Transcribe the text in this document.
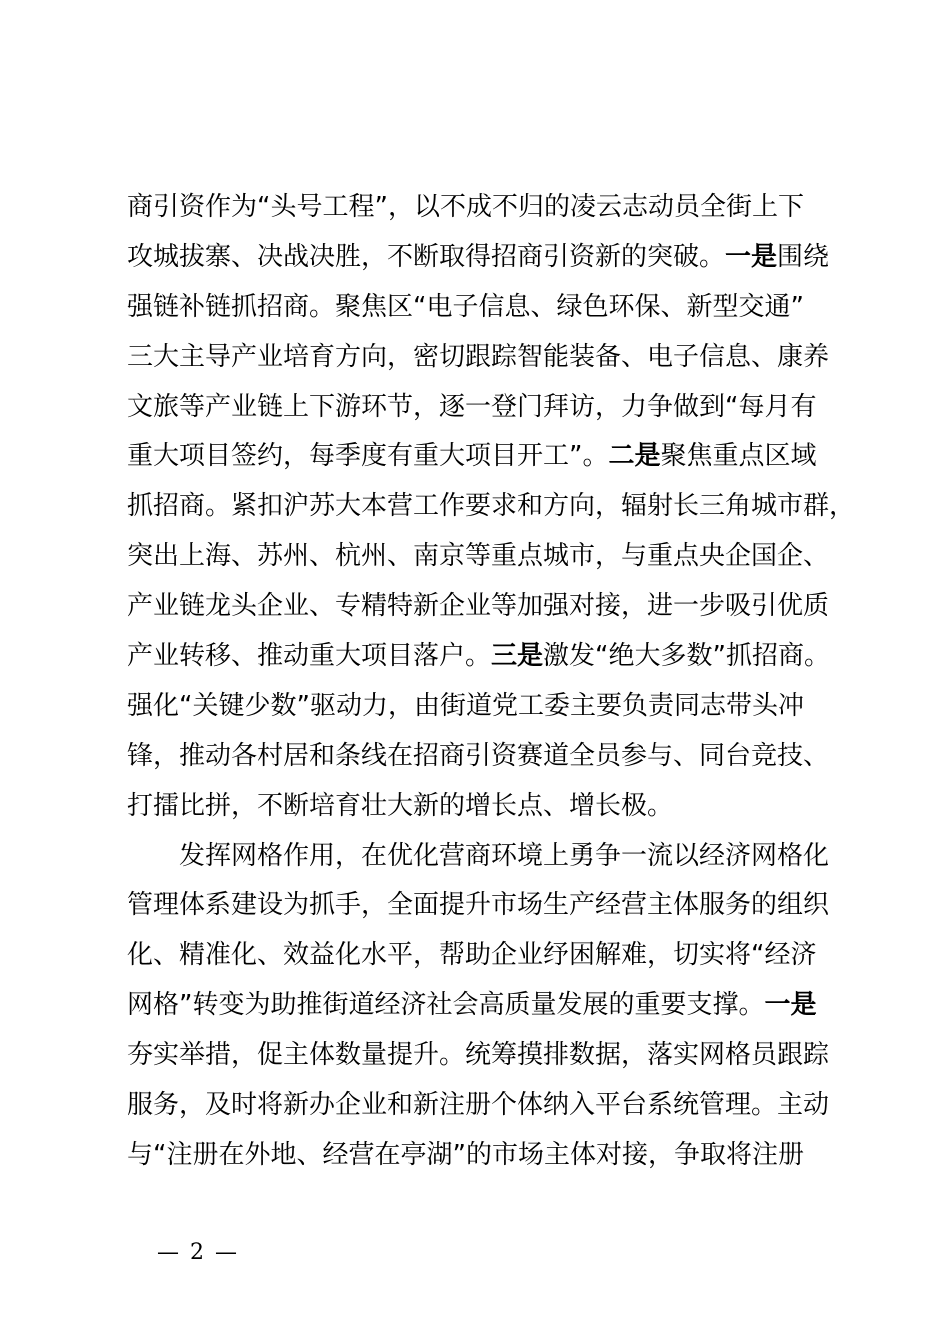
商引资作为“头号工程”，以不成不归的凌云志动员全街上下
攻城拔寨、决战决胜，不断取得招商引资新的突破。一是围绕
强链补链抓招商。聚焦区“电子信息、绿色环保、新型交通”
三大主导产业培育方向，密切跟踪智能装备、电子信息、康养
文旅等产业链上下游环节，逐一登门拜访，力争做到“每月有
重大项目签约，每季度有重大项目开工”。二是聚焦重点区域
抓招商。紧扣沪苏大本营工作要求和方向，辐射长三角城市群，
突出上海、苏州、杭州、南京等重点城市，与重点央企国企、
产业链龙头企业、专精特新企业等加强对接，进一步吸引优质
产业转移、推动重大项目落户。三是激发“绝大多数”抓招商。
强化“关键少数”驱动力，由街道党工委主要负责同志带头冲
锋，推动各村居和条线在招商引资赛道全员参与、同台竞技、
打擂比拼，不断培育壮大新的增长点、增长极。
发挥网格作用，在优化营商环境上勇争一流以经济网格化
管理体系建设为抓手，全面提升市场生产经营主体服务的组织
化、精准化、效益化水平，帮助企业纾困解难，切实将“经济
网格”转变为助推街道经济社会高质量发展的重要支撑。一是
夯实举措，促主体数量提升。统筹摸排数据，落实网格员跟踪
服务，及时将新办企业和新注册个体纳入平台系统管理。主动
与“注册在外地、经营在亭湖”的市场主体对接，争取将注册
— 2 —
